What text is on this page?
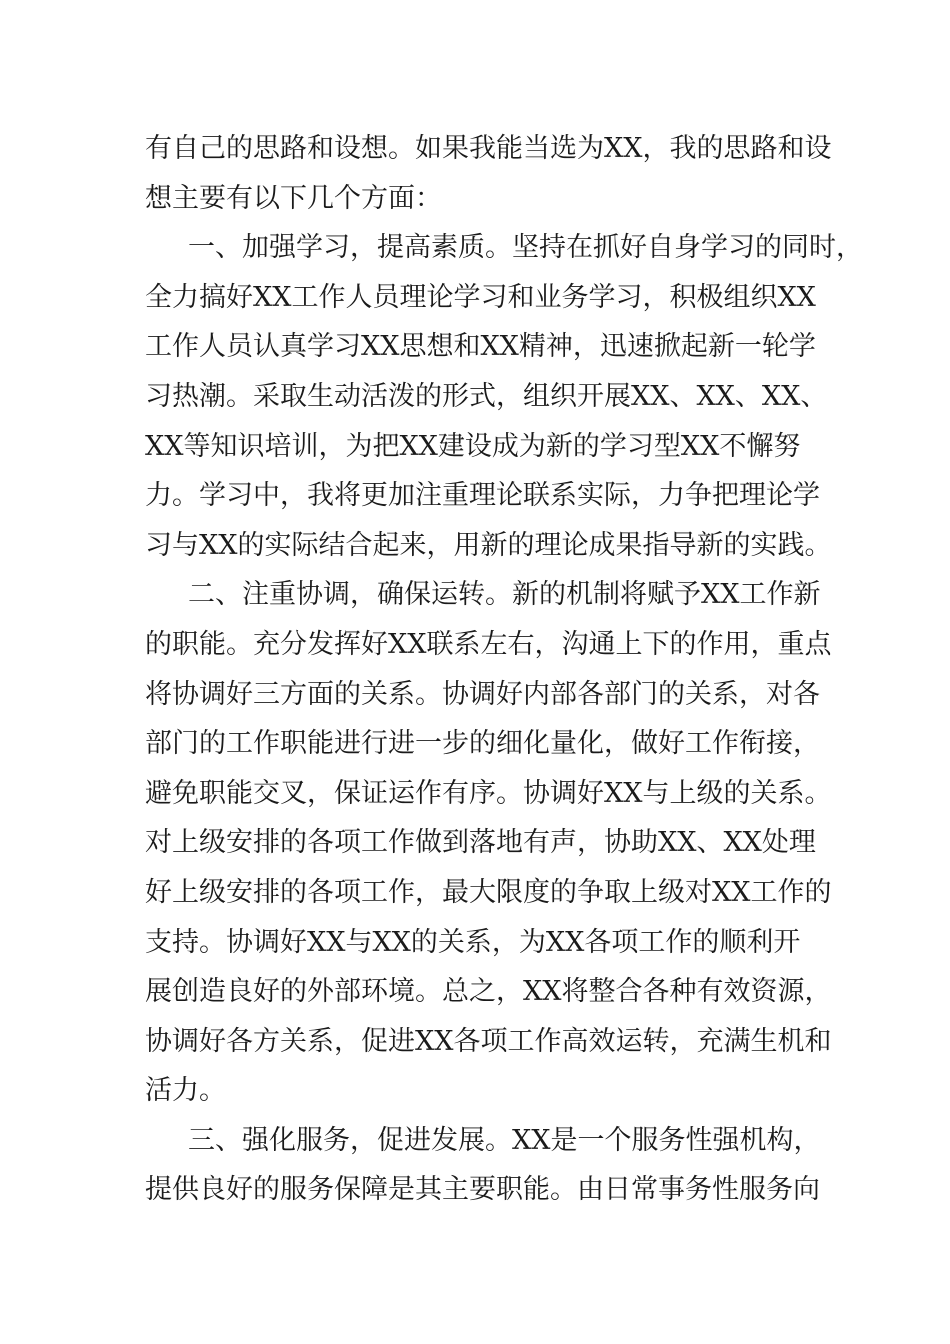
有自己的思路和设想。如果我能当选为XX，我的思路和设
想主要有以下几个方面：
一、加强学习，提高素质。坚持在抓好自身学习的同时，
全力搞好XX工作人员理论学习和业务学习，积极组织XX
工作人员认真学习XX思想和XX精神，迅速掀起新一轮学
习热潮。采取生动活泼的形式，组织开展XX、XX、XX、
XX等知识培训，为把XX建设成为新的学习型XX不懈努
力。学习中，我将更加注重理论联系实际，力争把理论学
习与XX的实际结合起来，用新的理论成果指导新的实践。
二、注重协调，确保运转。新的机制将赋予XX工作新
的职能。充分发挥好XX联系左右，沟通上下的作用，重点
将协调好三方面的关系。协调好内部各部门的关系，对各
部门的工作职能进行进一步的细化量化，做好工作衔接，
避免职能交叉，保证运作有序。协调好XX与上级的关系。
对上级安排的各项工作做到落地有声，协助XX、XX处理
好上级安排的各项工作，最大限度的争取上级对XX工作的
支持。协调好XX与XX的关系，为XX各项工作的顺利开
展创造良好的外部环境。总之，XX将整合各种有效资源，
协调好各方关系，促进XX各项工作高效运转，充满生机和
活力。
三、强化服务，促进发展。XX是一个服务性强机构，
提供良好的服务保障是其主要职能。由日常事务性服务向
